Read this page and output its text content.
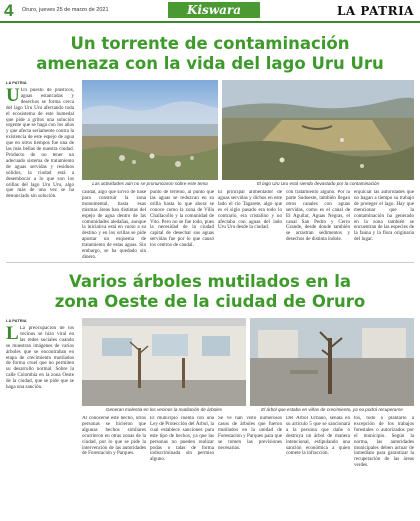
4 Oruro, jueves 25 de marzo de 2021	Kiswara	LA PATRIA
Un torrente de contaminación
amenaza con la vida del lago Uru Uru
LA PATRIA
U Un puesto de plásticos, aguas estancadas y desechos se forma cerca del lago Uru Uru afectando toda el ecosistema de este humedal que pide a gritos una solución urgente que se haga con los años y que afecta seriamente contra la existencia de este espejo de agua que en otros tiempos fue una de las más bellas de nuestra ciudad. Producto de no tener un adecuado sistema de tratamiento de aguas servidas y residuos sólidos, la ciudad está a desembocar a lo que son los orillas del lago Uru Uru, algo que más de una vez se ha denunciado sin solución.
Las actividades aún no se pronunciaron sobre este tema	El lago Uru Uru está siendo devastado por la contaminación
caudal, algo que sirvió de base para construir la zona monumental, hasta esas mismas áreas han distintas del espejo de agua dentro de las comunidades aledañas, aunque la iniciativa está en curso a su destino y en los orillas se pide apostar un esquema de tratamiento de estas aguas. Sin embargo, se ha quedado sin dinero.
punto de terreno, al punto que las aguas se reduzcan en su orilla hasta lo que ahora se conoce como la zona de Villa Challacollo y la comunidad de Vito. Pero no se fue todo, pues la necesidad de la ciudad capital de desechar sus aguas servidas fue por lo que causó los centros de caudal.
El principal alimentador de aguas servidas y dichos en este lado el río Tagarete, algo que es el siglo pasado era todo lo contrario, era cristalino y no afectaba con aguas del lado Uru Uru desde la ciudad.
con tratamiento alguno. Por la parte Sudoeste, también llegan otros canales con aguas servidas, como es el canal de El Aguilar, Aguas Negras, el canal San Pedro y Cerro Grande, desde donde también se arrastran sedimentos y desechos de distinta índole.
enjuiciar las autoridades que no hagan a tiempo su trabajo de proteger el lago. Hay que mencionar que la contaminación ha generado en la zona también se encuentran de las especies de la fauna y la flora originaria del lugar.
Varios árboles mutilados en la
zona Oeste de la ciudad de Oruro
LA PATRIA
L La preocupación de los vecinos se hizo viral en las redes sociales cuando se muestran imágenes de varios árboles que se encontraban en etapa de crecimiento mutilados de forma cruel que no permiten su desarrollo normal. Sobre la calle Colombia en la zona Oeste de la ciudad, que se pide que se haga una sanción.
Generan molestia en los vecinos la mutilación de árboles	El árbol que estaba en viñas de crecimiento, ya no podrá recuperarse
Al conocerse este hecho, otros personas se hicieron que algunas hechos similares ocurrieron en otras zonas de la ciudad, por lo que se pide la intervención de las autoridades de Forestación y Parques.
El municipio cuenta con una Ley de Protección del Árbol, la cual establece sanciones para este tipo de hechos, ya que las personas no pueden realizar podas o talas de forma indiscriminada sin permiso alguno.
Se ve han visto numerosos casos de árboles que fueron mutilados en la unidad de Forestación y Parques para que se tomen las previsiones necesarias.
Del Árbol Urbano, señala en su artículo 5 que se sancionará a la persona que dañe o destruya un árbol de manera intencional, estipulando una sanción económica a quien comete la infracción.
tos, todo o plantarlo a excepción de los trabajos forestales o autorizados por el municipio. Según la norma, las autoridades municipales deben actuar de inmediato para garantizar la recuperación de las áreas verdes.
